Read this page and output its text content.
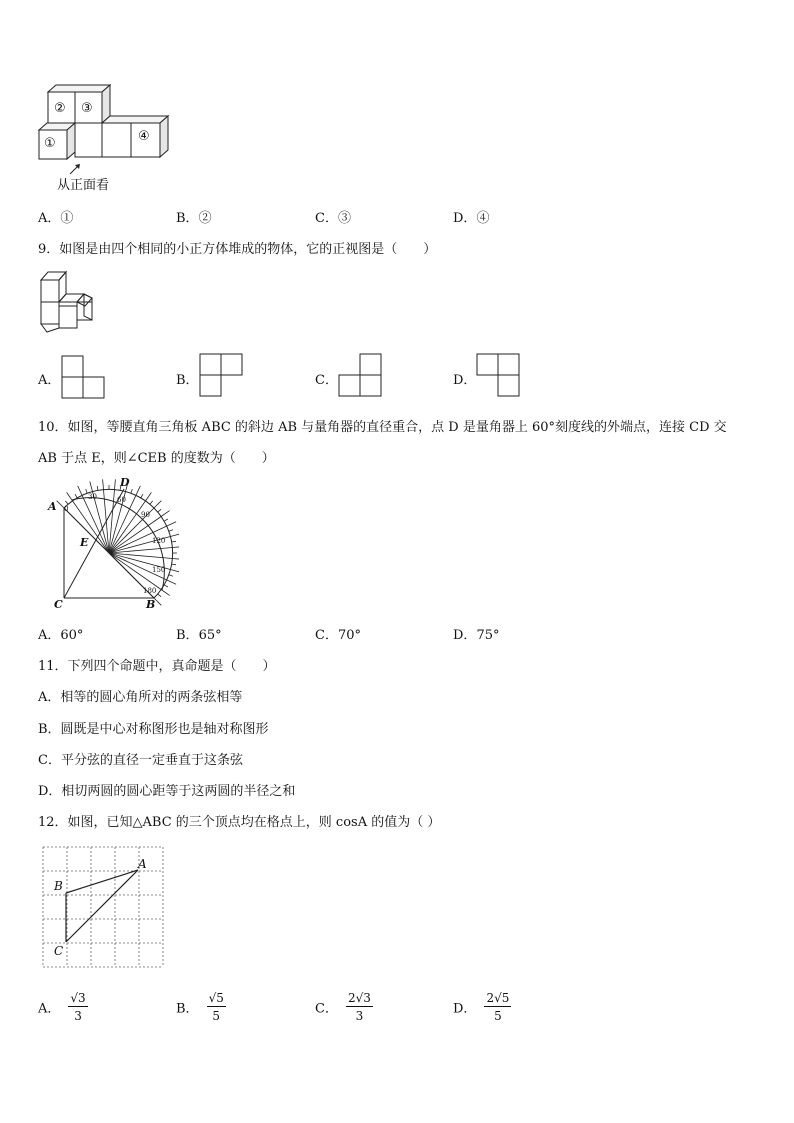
② ③
①	④
从正面看
A．①	B．②	C．③	D．④
9．如图是由四个相同的小正方体堆成的物体，它的正视图是（　　）
A．	B．	C．	D．
10．如图，等腰直角三角板 ABC 的斜边 AB 与量角器的直径重合，点 D 是量角器上 60°刻度线的外端点，连接 CD 交
AB 于点 E，则∠CEB 的度数为（　　）
A
D
E
C	B
0
30	60
90
120
150
180
A．60°	B．65°	C．70°	D．75°
11．下列四个命题中，真命题是（　　）
A．相等的圆心角所对的两条弦相等
B．圆既是中心对称图形也是轴对称图形
C．平分弦的直径一定垂直于这条弦
D．相切两圆的圆心距等于这两圆的半径之和
12．如图，已知△ABC 的三个顶点均在格点上，则 cosA 的值为（ ）
A
B
C
A． $\frac{√3}{3}$	B． $\frac{√5}{5}$	C． $\frac{2√3}{3}$	D． $\frac{2√5}{5}$
